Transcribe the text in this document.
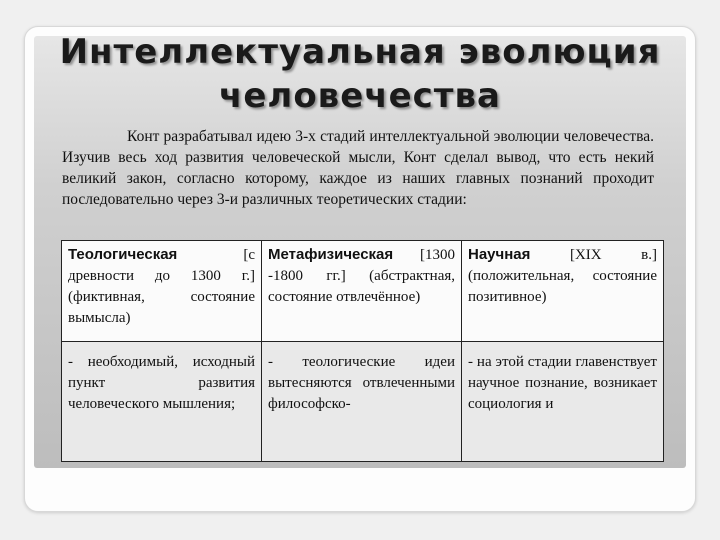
Интеллектуальная эволюция
человечества

Конт разрабатывал идею 3-х стадий интеллектуальной эволюции человечества. Изучив весь ход развития человеческой мысли, Конт сделал вывод, что есть некий великий закон, согласно которому, каждое из наших главных познаний проходит последовательно через 3-и различных теоретических стадии:

Теологическая [с древности до 1300 г.] (фиктивная, состояние вымысла)	Метафизическая [1300 -1800 гг.] (абстрактная, состояние отвлечённое)	Научная [XIX в.] (положительная, состояние позитивное)
- необходимый, исходный пункт развития человеческого мышления;	- теологические идеи вытесняются отвлеченными философско-	- на этой стадии главенствует научное познание, возникает социология и
